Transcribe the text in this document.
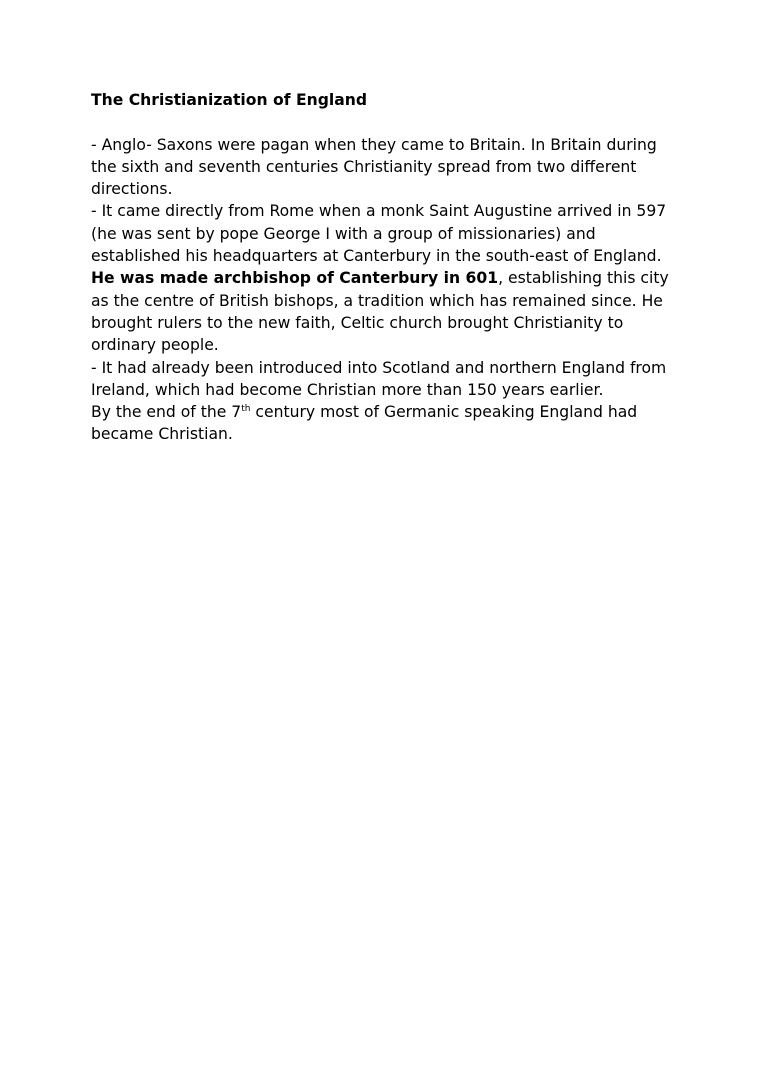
The Christianization of England

- Anglo- Saxons were pagan when they came to Britain. In Britain during the sixth and seventh centuries Christianity spread from two different directions.

- It came directly from Rome when a monk Saint Augustine arrived in 597 (he was sent by pope George I with a group of missionaries) and established his headquarters at Canterbury in the south-east of England. He was made archbishop of Canterbury in 601, establishing this city as the centre of British bishops, a tradition which has remained since. He brought rulers to the new faith, Celtic church brought Christianity to ordinary people.

- It had already been introduced into Scotland and northern England from Ireland, which had become Christian more than 150 years earlier.

By the end of the 7th century most of Germanic speaking England had became Christian.
